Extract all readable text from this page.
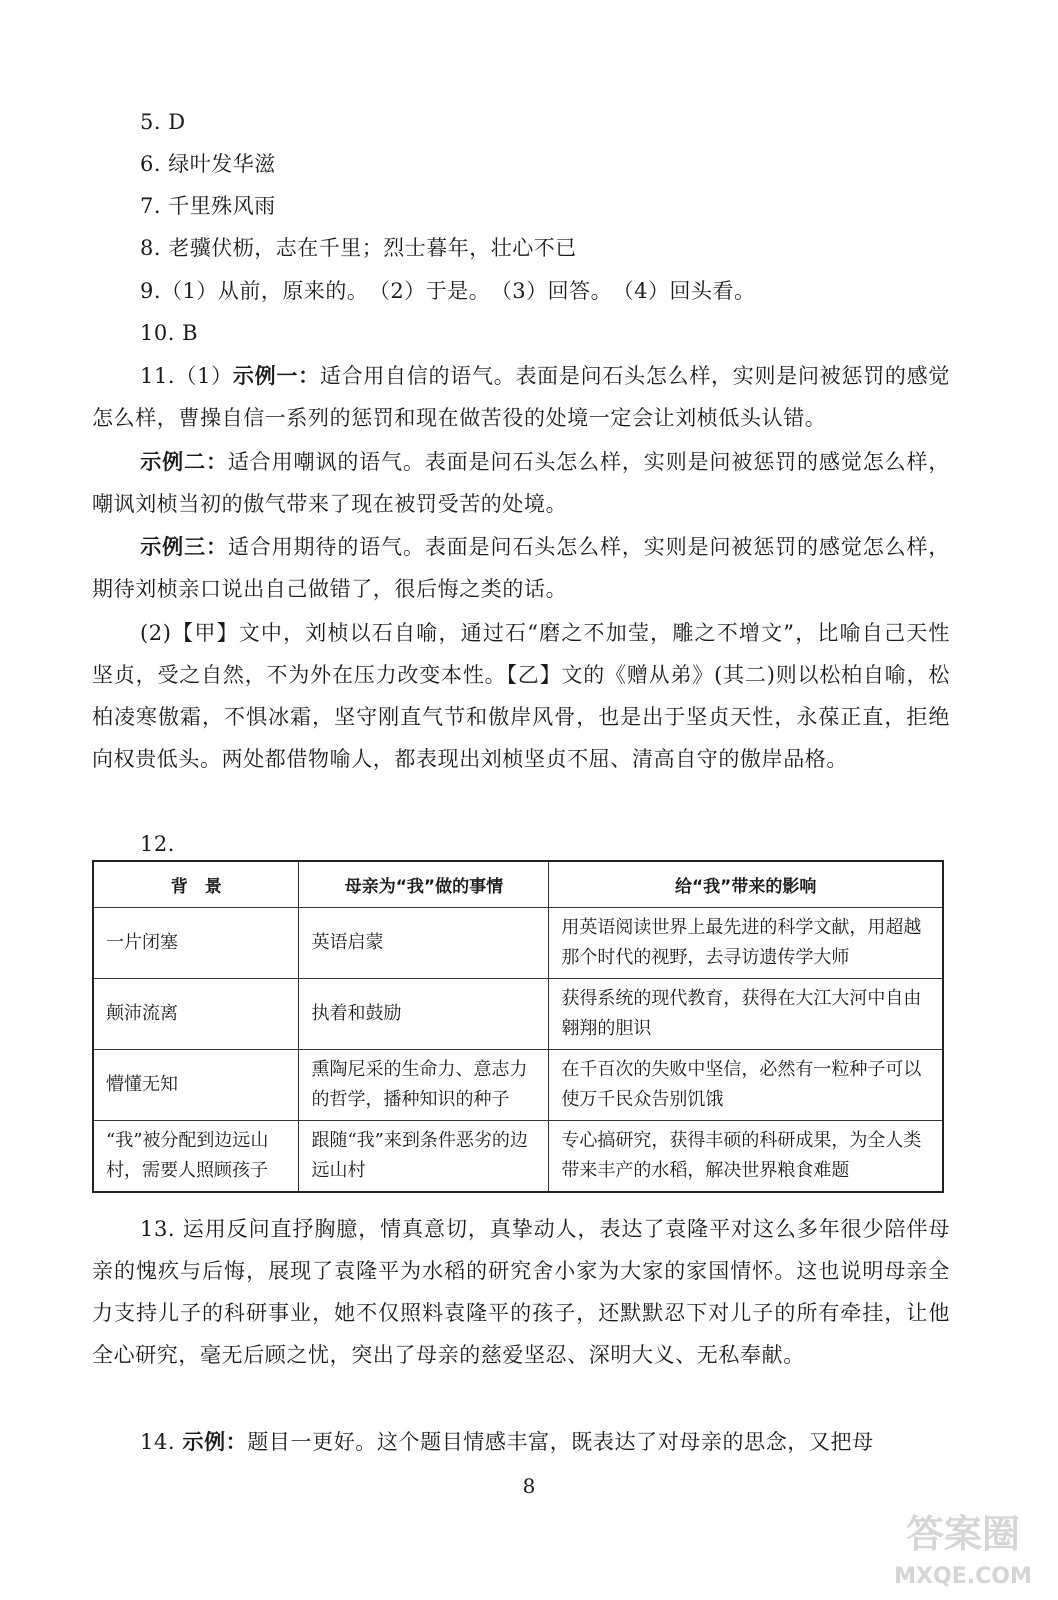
5. D
6. 绿叶发华滋
7. 千里殊风雨
8. 老骥伏枥，志在千里；烈士暮年，壮心不已
9.（1）从前，原来的。　（2）于是。　（3）回答。　（4）回头看。
10. B
11.（1）示例一：适合用自信的语气。表面是问石头怎么样，实则是问被惩罚的感觉怎么样，曹操自信一系列的惩罚和现在做苦役的处境一定会让刘桢低头认错。
示例二：适合用嘲讽的语气。表面是问石头怎么样，实则是问被惩罚的感觉怎么样，嘲讽刘桢当初的傲气带来了现在被罚受苦的处境。
示例三：适合用期待的语气。表面是问石头怎么样，实则是问被惩罚的感觉怎么样，期待刘桢亲口说出自己做错了，很后悔之类的话。
(2)【甲】文中，刘桢以石自喻，通过石“磨之不加莹，雕之不增文”，比喻自己天性坚贞，受之自然，不为外在压力改变本性。【乙】文的《赠从弟》(其二)则以松柏自喻，松柏凌寒傲霜，不惧冰霜，坚守刚直气节和傲岸风骨，也是出于坚贞天性，永葆正直，拒绝向权贵低头。两处都借物喻人，都表现出刘桢坚贞不屈、清高自守的傲岸品格。
12.
背　景	母亲为“我”做的事情	给“我”带来的影响
一片闭塞	英语启蒙	用英语阅读世界上最先进的科学文献，用超越那个时代的视野，去寻访遗传学大师
颠沛流离	执着和鼓励	获得系统的现代教育，获得在大江大河中自由翱翔的胆识
懵懂无知	熏陶尼采的生命力、意志力的哲学，播种知识的种子	在千百次的失败中坚信，必然有一粒种子可以使万千民众告别饥饿
“我”被分配到边远山村，需要人照顾孩子	跟随“我”来到条件恶劣的边远山村	专心搞研究，获得丰硕的科研成果，为全人类带来丰产的水稻，解决世界粮食难题
13. 运用反问直抒胸臆，情真意切，真挚动人，表达了袁隆平对这么多年很少陪伴母亲的愧疚与后悔，展现了袁隆平为水稻的研究舍小家为大家的家国情怀。这也说明母亲全力支持儿子的科研事业，她不仅照料袁隆平的孩子，还默默忍下对儿子的所有牵挂，让他全心研究，毫无后顾之忧，突出了母亲的慈爱坚忍、深明大义、无私奉献。
14. 示例：题目一更好。这个题目情感丰富，既表达了对母亲的思念，又把母
8
答案圈
MXQE.COM
